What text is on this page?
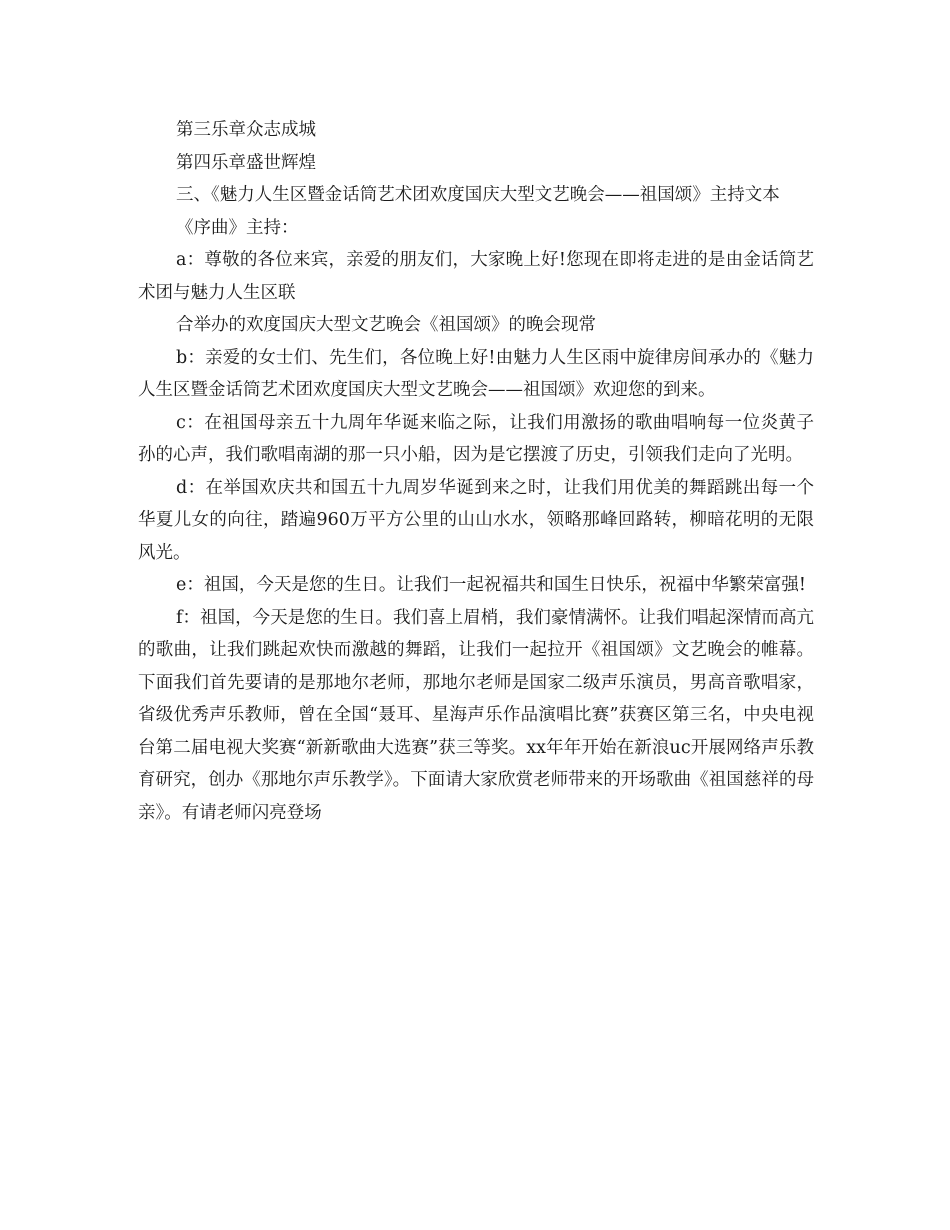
第三乐章众志成城

第四乐章盛世辉煌

三、《魅力人生区暨金话筒艺术团欢度国庆大型文艺晚会——祖国颂》主持文本

《序曲》主持：

a：尊敬的各位来宾，亲爱的朋友们，大家晚上好!您现在即将走进的是由金话筒艺术团与魅力人生区联

合举办的欢度国庆大型文艺晚会《祖国颂》的晚会现常

b：亲爱的女士们、先生们，各位晚上好!由魅力人生区雨中旋律房间承办的《魅力人生区暨金话筒艺术团欢度国庆大型文艺晚会——祖国颂》欢迎您的到来。

c：在祖国母亲五十九周年华诞来临之际，让我们用激扬的歌曲唱响每一位炎黄子孙的心声，我们歌唱南湖的那一只小船，因为是它摆渡了历史，引领我们走向了光明。

d：在举国欢庆共和国五十九周岁华诞到来之时，让我们用优美的舞蹈跳出每一个华夏儿女的向往，踏遍960万平方公里的山山水水，领略那峰回路转，柳暗花明的无限风光。

e：祖国，今天是您的生日。让我们一起祝福共和国生日快乐，祝福中华繁荣富强!

f：祖国，今天是您的生日。我们喜上眉梢，我们豪情满怀。让我们唱起深情而高亢的歌曲，让我们跳起欢快而激越的舞蹈，让我们一起拉开《祖国颂》文艺晚会的帷幕。下面我们首先要请的是那地尔老师，那地尔老师是国家二级声乐演员，男高音歌唱家，省级优秀声乐教师，曾在全国“聂耳、星海声乐作品演唱比赛”获赛区第三名，中央电视台第二届电视大奖赛“新新歌曲大选赛”获三等奖。xx年年开始在新浪uc开展网络声乐教育研究，创办《那地尔声乐教学》。下面请大家欣赏老师带来的开场歌曲《祖国慈祥的母亲》。有请老师闪亮登场
